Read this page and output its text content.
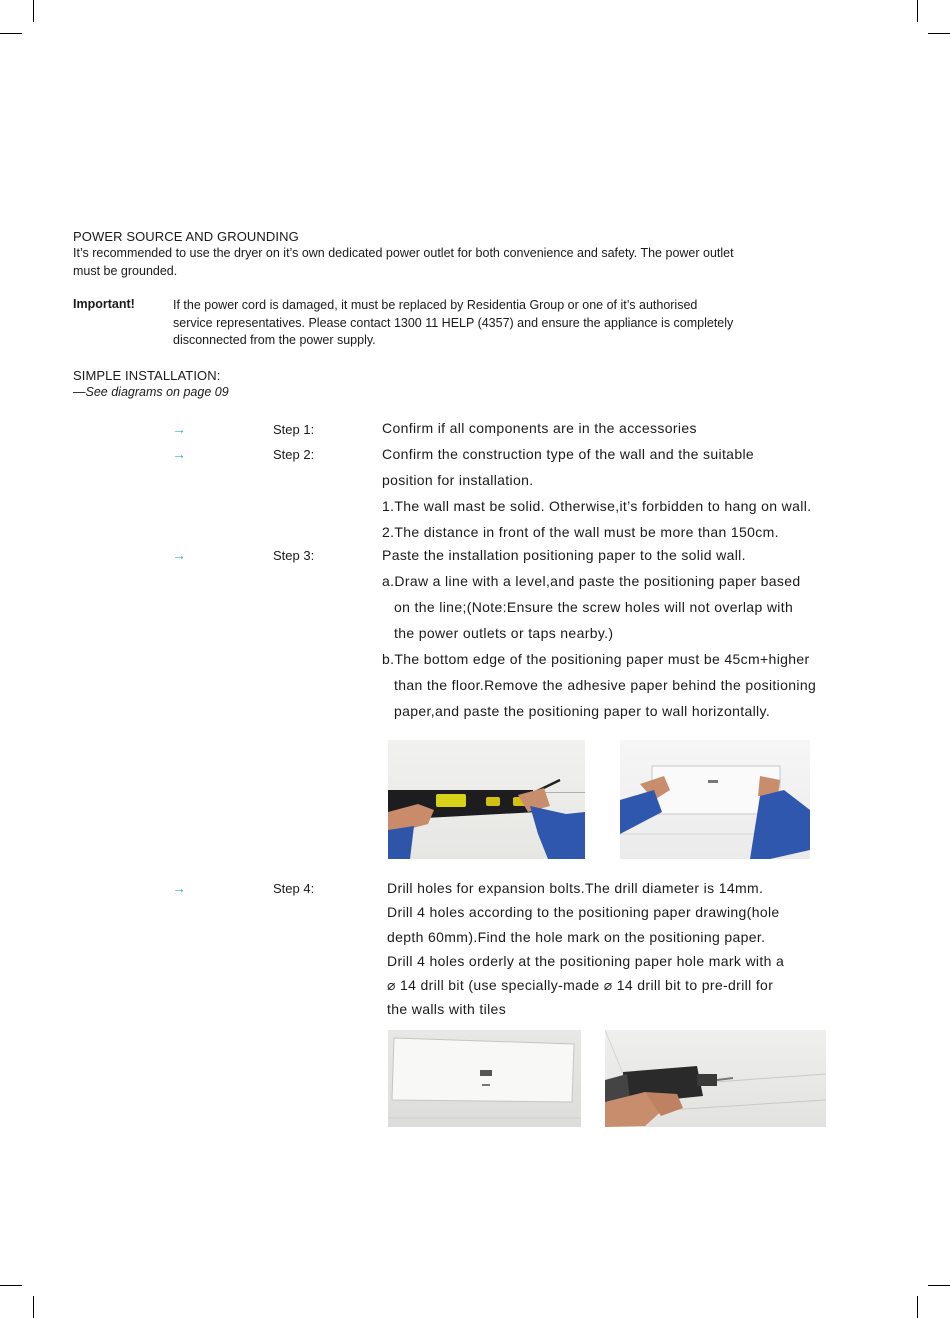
POWER SOURCE AND GROUNDING
It’s recommended to use the dryer on it’s own dedicated power outlet for both convenience and safety. The power outlet
must be grounded.
Important!	If the power cord is damaged, it must be replaced by Residentia Group or one of it’s authorised
service representatives. Please contact 1300 11 HELP (4357) and ensure the appliance is completely
disconnected from the power supply.
SIMPLE INSTALLATION:
—See diagrams on page 09
→	Step 1:	Confirm if all components are in the accessories
→	Step 2:	Confirm the construction type of the wall and the suitable
position for installation.
1.The wall mast be solid. Otherwise,it’s forbidden to hang on wall.
2.The distance in front of the wall must be more than 150cm.
→	Step 3:	Paste the installation positioning paper to the solid wall.
a.Draw a line with a level,and paste the positioning paper based
on the line;(Note:Ensure the screw holes will not overlap with
the power outlets or taps nearby.)
b.The bottom edge of the positioning paper must be 45cm+higher
than the floor.Remove the adhesive paper behind the positioning
paper,and paste the positioning paper to wall horizontally.
→	Step 4:	Drill holes for expansion bolts.The drill diameter is 14mm.
Drill 4 holes according to the positioning paper drawing(hole
depth 60mm).Find the hole mark on the positioning paper.
Drill 4 holes orderly at the positioning paper hole mark with a
⌀ 14 drill bit (use specially-made ⌀ 14 drill bit to pre-drill for
the walls with tiles
